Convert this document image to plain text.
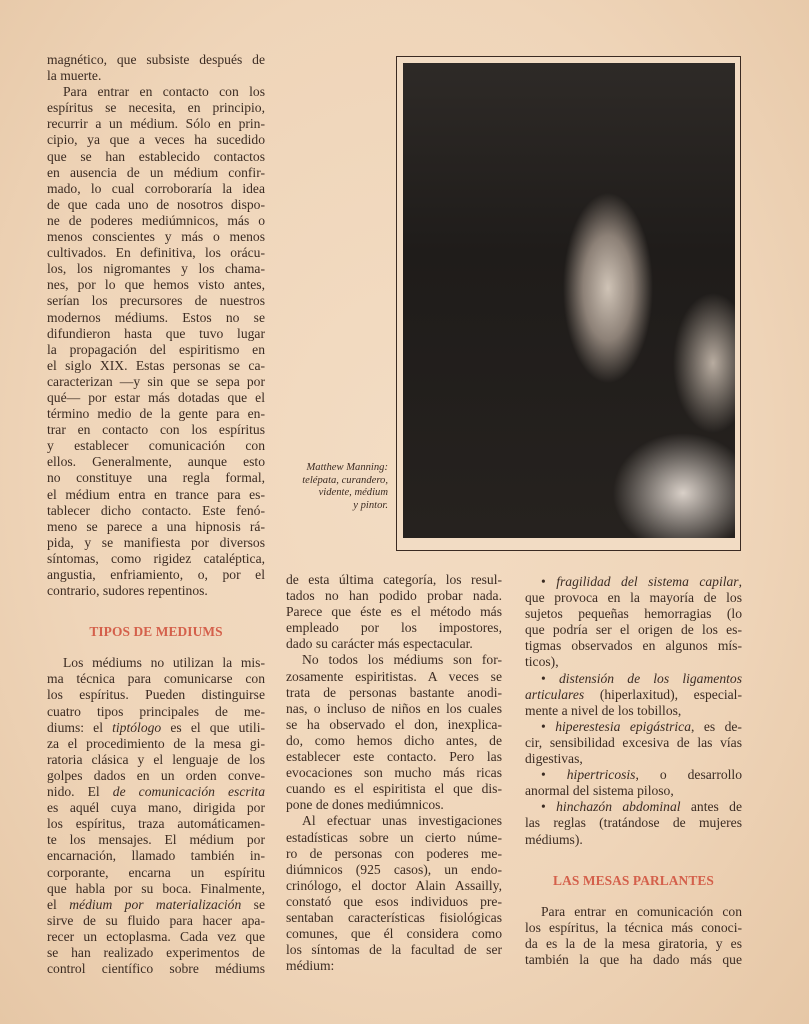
magnético, que subsiste después de
la muerte.
Para entrar en contacto con los
espíritus se necesita, en principio,
recurrir a un médium. Sólo en prin-
cipio, ya que a veces ha sucedido
que se han establecido contactos
en ausencia de un médium confir-
mado, lo cual corroboraría la idea
de que cada uno de nosotros dispo-
ne de poderes mediúmnicos, más o
menos conscientes y más o menos
cultivados. En definitiva, los orácu-
los, los nigromantes y los chama-
nes, por lo que hemos visto antes,
serían los precursores de nuestros
modernos médiums. Estos no se
difundieron hasta que tuvo lugar
la propagación del espiritismo en
el siglo XIX. Estas personas se ca-
caracterizan —y sin que se sepa por
qué— por estar más dotadas que el
término medio de la gente para en-
trar en contacto con los espíritus
y establecer comunicación con
ellos. Generalmente, aunque esto
no constituye una regla formal,
el médium entra en trance para es-
tablecer dicho contacto. Este fenó-
meno se parece a una hipnosis rá-
pida, y se manifiesta por diversos
síntomas, como rigidez cataléptica,
angustia, enfriamiento, o, por el
contrario, sudores repentinos.
TIPOS DE MEDIUMS
Los médiums no utilizan la mis-
ma técnica para comunicarse con
los espíritus. Pueden distinguirse
cuatro tipos principales de me-
diums: el tiptólogo es el que utili-
za el procedimiento de la mesa gi-
ratoria clásica y el lenguaje de los
golpes dados en un orden conve-
nido. El de comunicación escrita
es aquél cuya mano, dirigida por
los espíritus, traza automáticamen-
te los mensajes. El médium por
encarnación, llamado también in-
corporante, encarna un espíritu
que habla por su boca. Finalmente,
el médium por materialización se
sirve de su fluido para hacer apa-
recer un ectoplasma. Cada vez que
se han realizado experimentos de
control científico sobre médiums
de esta última categoría, los resul-
tados no han podido probar nada.
Parece que éste es el método más
empleado por los impostores,
dado su carácter más espectacular.
No todos los médiums son for-
zosamente espiritistas. A veces se
trata de personas bastante anodi-
nas, o incluso de niños en los cuales
se ha observado el don, inexplica-
do, como hemos dicho antes, de
establecer este contacto. Pero las
evocaciones son mucho más ricas
cuando es el espiritista el que dis-
pone de dones mediúmnicos.
Al efectuar unas investigaciones
estadísticas sobre un cierto núme-
ro de personas con poderes me-
diúmnicos (925 casos), un endo-
crinólogo, el doctor Alain Assailly,
constató que esos individuos pre-
sentaban características fisiológicas
comunes, que él considera como
los síntomas de la facultad de ser
médium:
• fragilidad del sistema capilar,
que provoca en la mayoría de los
sujetos pequeñas hemorragias (lo
que podría ser el origen de los es-
tigmas observados en algunos mís-
ticos),
• distensión de los ligamentos
articulares (hiperlaxitud), especial-
mente a nivel de los tobillos,
• hiperestesia epigástrica, es de-
cir, sensibilidad excesiva de las vías
digestivas,
• hipertricosis, o desarrollo
anormal del sistema piloso,
• hinchazón abdominal antes de
las reglas (tratándose de mujeres
médiums).
LAS MESAS PARLANTES
Para entrar en comunicación con
los espíritus, la técnica más conoci-
da es la de la mesa giratoria, y es
también la que ha dado más que
Matthew Manning:
telépata, curandero,
vidente, médium
y pintor.
